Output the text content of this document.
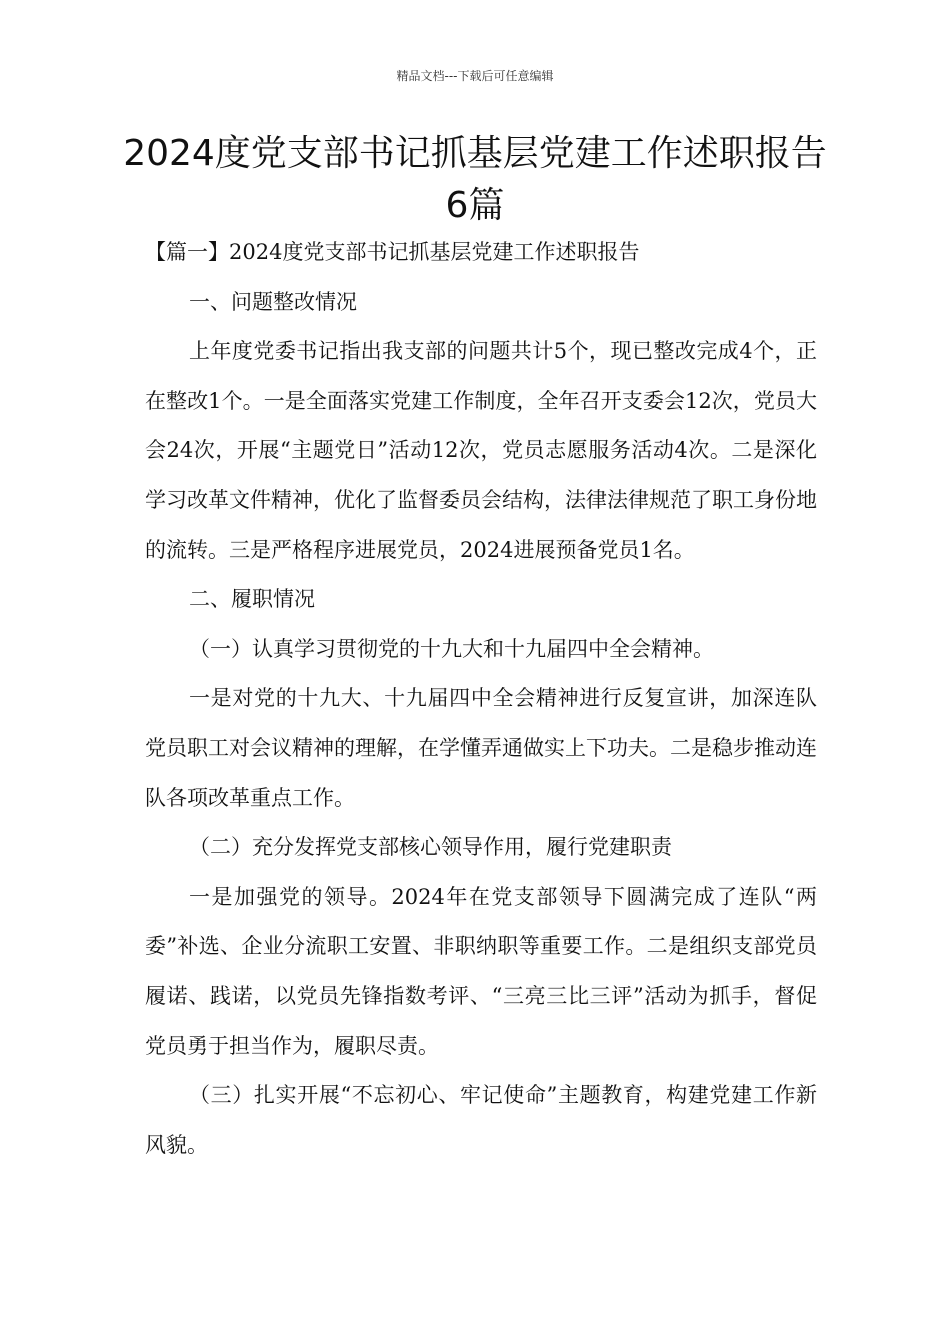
精品文档---下载后可任意编辑
2024度党支部书记抓基层党建工作述职报告6篇

【篇一】2024度党支部书记抓基层党建工作述职报告

一、问题整改情况

上年度党委书记指出我支部的问题共计5个，现已整改完成4个，正在整改1个。一是全面落实党建工作制度，全年召开支委会12次，党员大会24次，开展“主题党日”活动12次，党员志愿服务活动4次。二是深化学习改革文件精神，优化了监督委员会结构，法律法律规范了职工身份地的流转。三是严格程序进展党员，2024进展预备党员1名。

二、履职情况

（一）认真学习贯彻党的十九大和十九届四中全会精神。

一是对党的十九大、十九届四中全会精神进行反复宣讲，加深连队党员职工对会议精神的理解，在学懂弄通做实上下功夫。二是稳步推动连队各项改革重点工作。

（二）充分发挥党支部核心领导作用，履行党建职责

一是加强党的领导。2024年在党支部领导下圆满完成了连队“两委”补选、企业分流职工安置、非职纳职等重要工作。二是组织支部党员履诺、践诺，以党员先锋指数考评、“三亮三比三评”活动为抓手，督促党员勇于担当作为，履职尽责。

（三）扎实开展“不忘初心、牢记使命”主题教育，构建党建工作新风貌。
